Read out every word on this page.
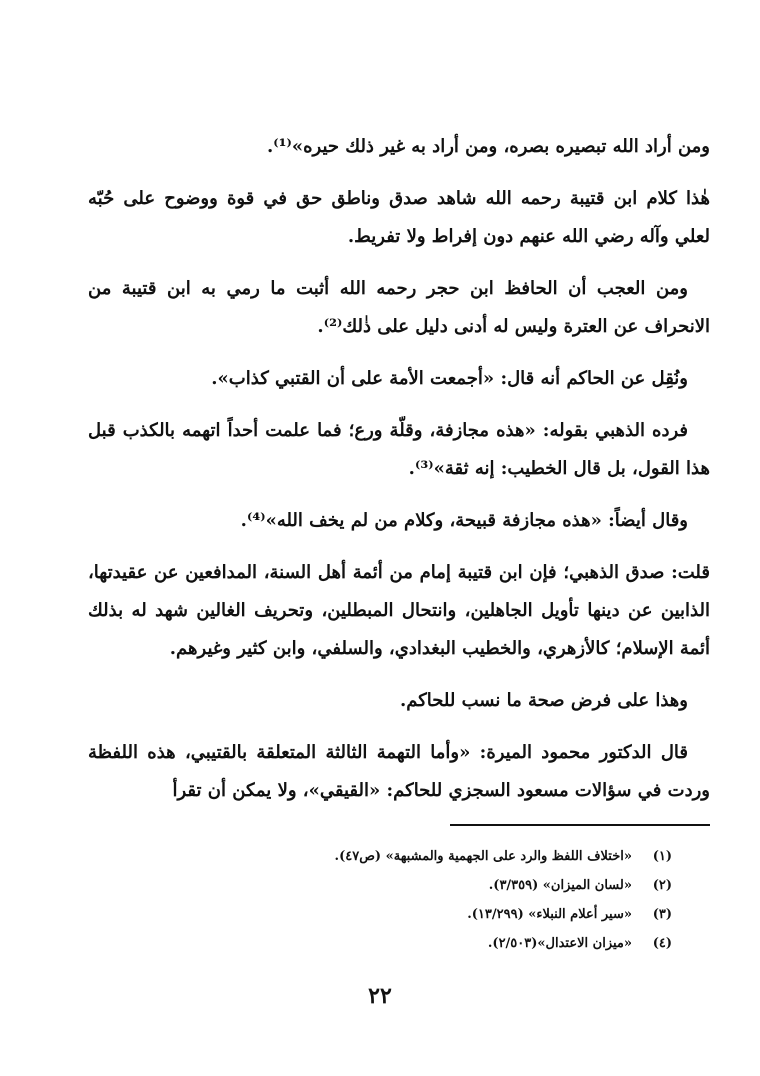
ومن أراد الله تبصيره بصره، ومن أراد به غير ذلك حيره»⁽¹⁾.

هٰذا كلام ابن قتيبة رحمه الله شاهد صدق وناطق حق في قوة ووضوح على حُبّه لعلي وآله رضي الله عنهم دون إفراط ولا تفريط.

ومن العجب أن الحافظ ابن حجر رحمه الله أثبت ما رمي به ابن قتيبة من الانحراف عن العترة وليس له أدنى دليل على ذٰلك⁽²⁾.

ونُقِل عن الحاكم أنه قال: «أجمعت الأمة على أن القتبي كذاب».

فرده الذهبي بقوله: «هذه مجازفة، وقلّة ورع؛ فما علمت أحداً اتهمه بالكذب قبل هذا القول، بل قال الخطيب: إنه ثقة»⁽³⁾.

وقال أيضاً: «هذه مجازفة قبيحة، وكلام من لم يخف الله»⁽⁴⁾.

قلت: صدق الذهبي؛ فإن ابن قتيبة إمام من أئمة أهل السنة، المدافعين عن عقيدتها، الذابين عن دينها تأويل الجاهلين، وانتحال المبطلين، وتحريف الغالين شهد له بذلك أئمة الإسلام؛ كالأزهري، والخطيب البغدادي، والسلفي، وابن كثير وغيرهم.

وهذا على فرض صحة ما نسب للحاكم.

قال الدكتور محمود الميرة: «وأما التهمة الثالثة المتعلقة بالقتيبي، هذه اللفظة وردت في سؤالات مسعود السجزي للحاكم: «القيقي»، ولا يمكن أن تقرأ

(١)
«اختلاف اللفظ والرد على الجهمية والمشبهة» (ص٤٧).
(٢)
«لسان الميزان» (٣/٣٥٩).
(٣)
«سير أعلام النبلاء» (١٣/٢٩٩).
(٤)
«ميزان الاعتدال»(٢/٥٠٣).
٢٢
